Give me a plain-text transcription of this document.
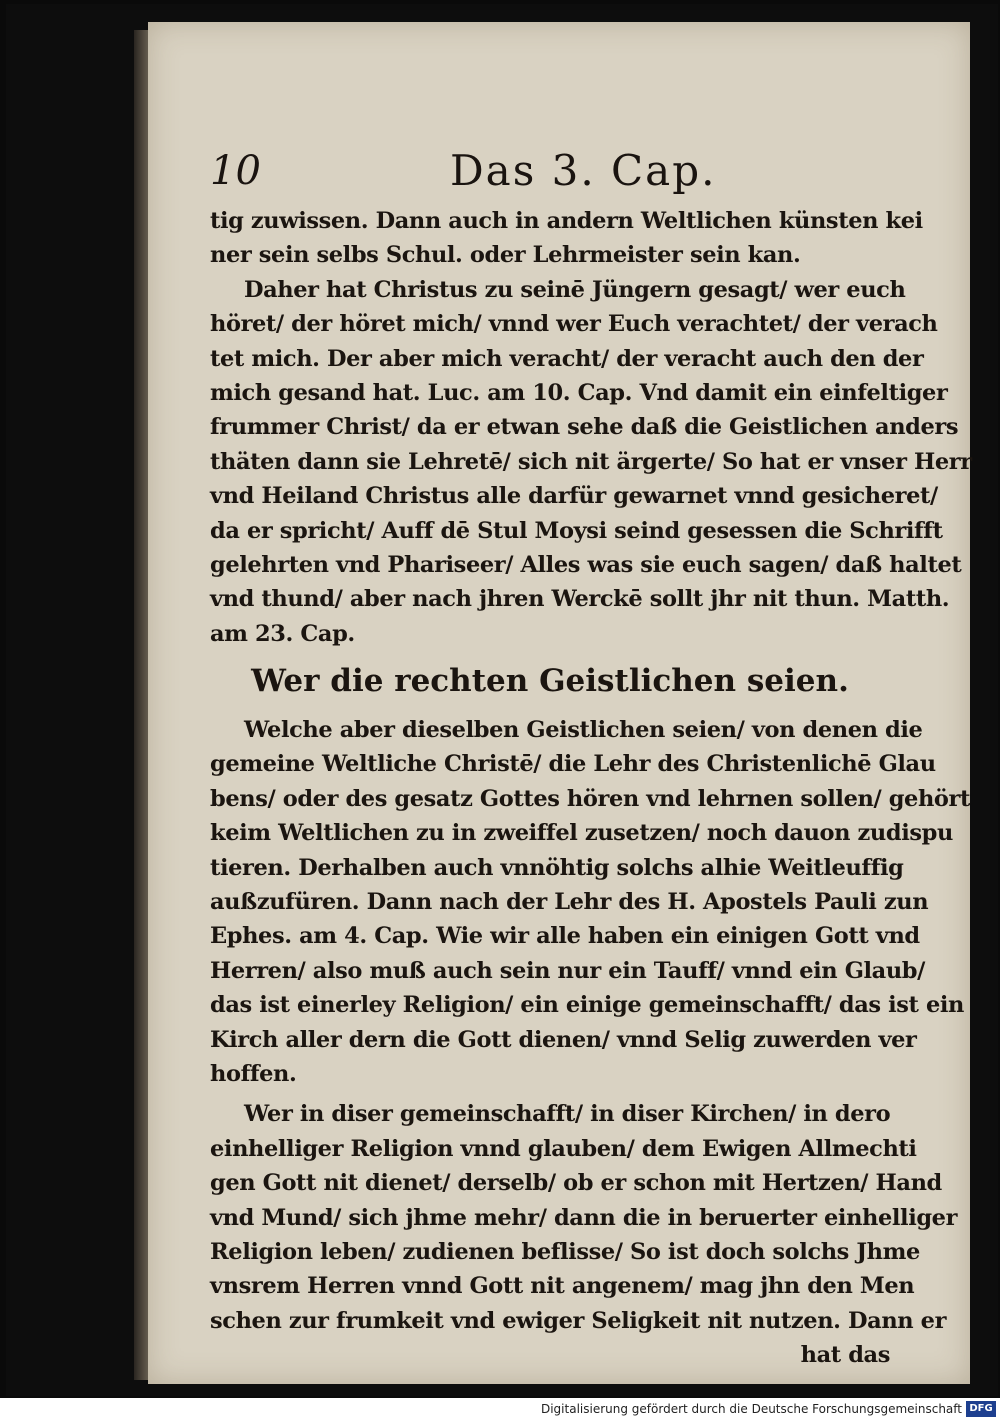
10	Das 3. Cap.
tig zuwissen. Dann auch in andern Weltlichen künsten kei
ner sein selbs Schul. oder Lehrmeister sein kan.
Daher hat Christus zu seinē Jüngern gesagt/ wer euch
höret/ der höret mich/ vnnd wer Euch verachtet/ der verach
tet mich. Der aber mich veracht/ der veracht auch den der
mich gesand hat. Luc. am 10. Cap. Vnd damit ein einfeltiger
frummer Christ/ da er etwan sehe daß die Geistlichen anders
thäten dann sie Lehretē/ sich nit ärgerte/ So hat er vnser Herr
vnd Heiland Christus alle darfür gewarnet vnnd gesicheret/
da er spricht/ Auff dē Stul Moysi seind gesessen die Schrifft
gelehrten vnd Phariseer/ Alles was sie euch sagen/ daß haltet
vnd thund/ aber nach jhren Werckē sollt jhr nit thun. Matth.
am 23. Cap.
Wer die rechten Geistlichen seien.
Welche aber dieselben Geistlichen seien/ von denen die
gemeine Weltliche Christē/ die Lehr des Christenlichē Glau
bens/ oder des gesatz Gottes hören vnd lehrnen sollen/ gehört
keim Weltlichen zu in zweiffel zusetzen/ noch dauon zudispu
tieren. Derhalben auch vnnöhtig solchs alhie Weitleuffig
außzufüren. Dann nach der Lehr des H. Apostels Pauli zun
Ephes. am 4. Cap. Wie wir alle haben ein einigen Gott vnd
Herren/ also muß auch sein nur ein Tauff/ vnnd ein Glaub/
das ist einerley Religion/ ein einige gemeinschafft/ das ist ein
Kirch aller dern die Gott dienen/ vnnd Selig zuwerden ver
hoffen.
Wer in diser gemeinschafft/ in diser Kirchen/ in dero
einhelliger Religion vnnd glauben/ dem Ewigen Allmechti
gen Gott nit dienet/ derselb/ ob er schon mit Hertzen/ Hand
vnd Mund/ sich jhme mehr/ dann die in beruerter einhelliger
Religion leben/ zudienen beflisse/ So ist doch solchs Jhme
vnsrem Herren vnnd Gott nit angenem/ mag jhn den Men
schen zur frumkeit vnd ewiger Seligkeit nit nutzen. Dann er
hat das
Digitalisierung gefördert durch die Deutsche Forschungsgemeinschaft DFG
